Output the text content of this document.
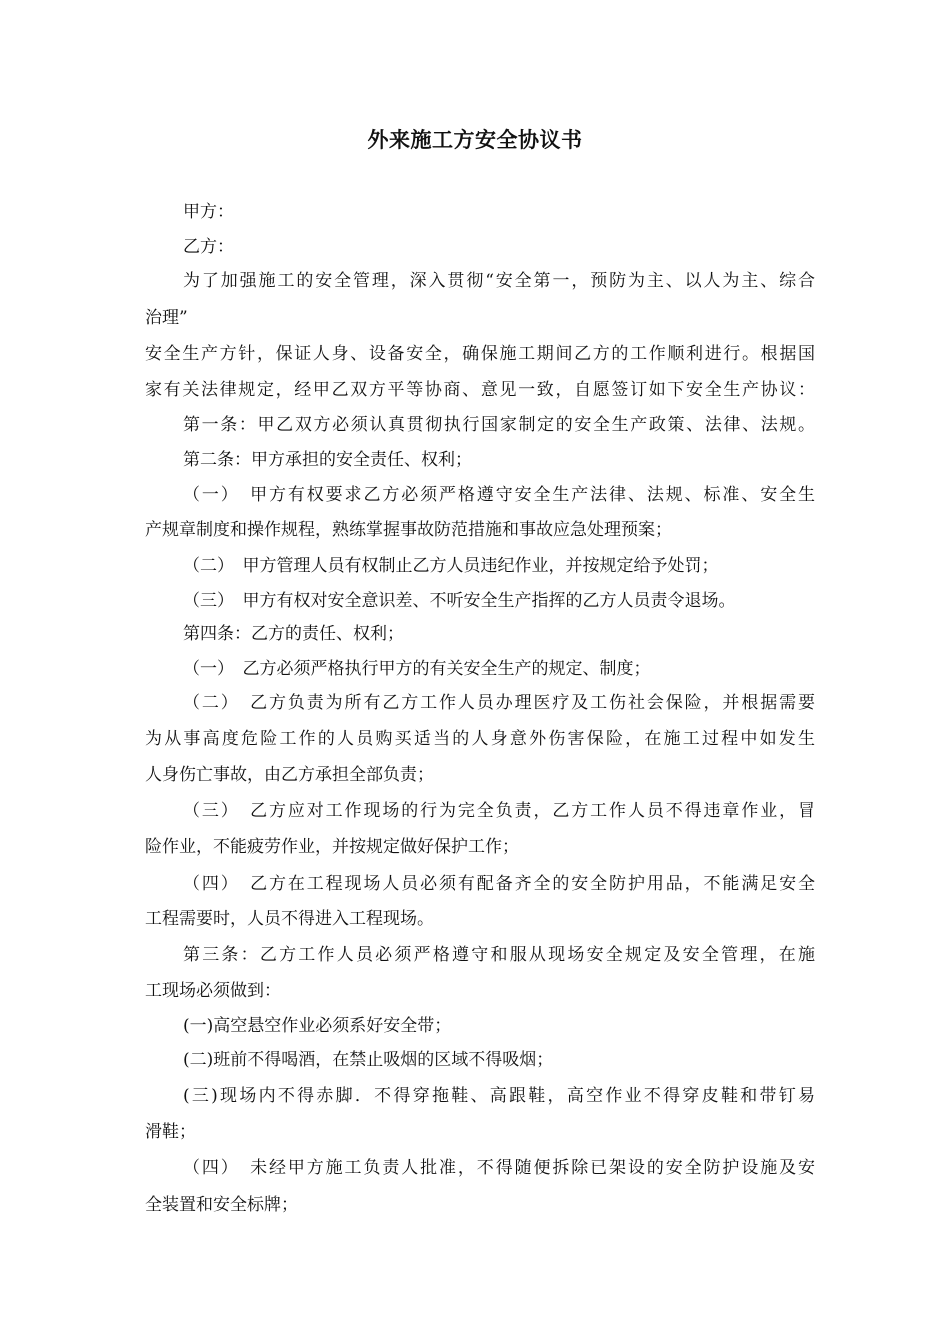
外来施工方安全协议书
甲方：
乙方：
为了加强施工的安全管理，深入贯彻“安全第一，预防为主、以人为主、综合
治理”
安全生产方针，保证人身、设备安全，确保施工期间乙方的工作顺利进行。根据国
家有关法律规定，经甲乙双方平等协商、意见一致，自愿签订如下安全生产协议：
第一条：甲乙双方必须认真贯彻执行国家制定的安全生产政策、法律、法规。
第二条：甲方承担的安全责任、权利；
（一）　甲方有权要求乙方必须严格遵守安全生产法律、法规、标准、安全生
产规章制度和操作规程，熟练掌握事故防范措施和事故应急处理预案；
（二）　甲方管理人员有权制止乙方人员违纪作业，并按规定给予处罚；
（三）　甲方有权对安全意识差、不听安全生产指挥的乙方人员责令退场。
第四条：乙方的责任、权利；
（一）　乙方必须严格执行甲方的有关安全生产的规定、制度；
（二）　乙方负责为所有乙方工作人员办理医疗及工伤社会保险，并根据需要
为从事高度危险工作的人员购买适当的人身意外伤害保险，在施工过程中如发生
人身伤亡事故，由乙方承担全部负责；
（三）　乙方应对工作现场的行为完全负责，乙方工作人员不得违章作业，冒
险作业，不能疲劳作业，并按规定做好保护工作；
（四）　乙方在工程现场人员必须有配备齐全的安全防护用品，不能满足安全
工程需要时，人员不得进入工程现场。
第三条：乙方工作人员必须严格遵守和服从现场安全规定及安全管理，在施
工现场必须做到：
(一)高空悬空作业必须系好安全带；
(二)班前不得喝酒，在禁止吸烟的区域不得吸烟；
(三)现场内不得赤脚．不得穿拖鞋、高跟鞋，高空作业不得穿皮鞋和带钉易
滑鞋；
（四）　未经甲方施工负责人批准，不得随便拆除已架设的安全防护设施及安
全装置和安全标牌；
